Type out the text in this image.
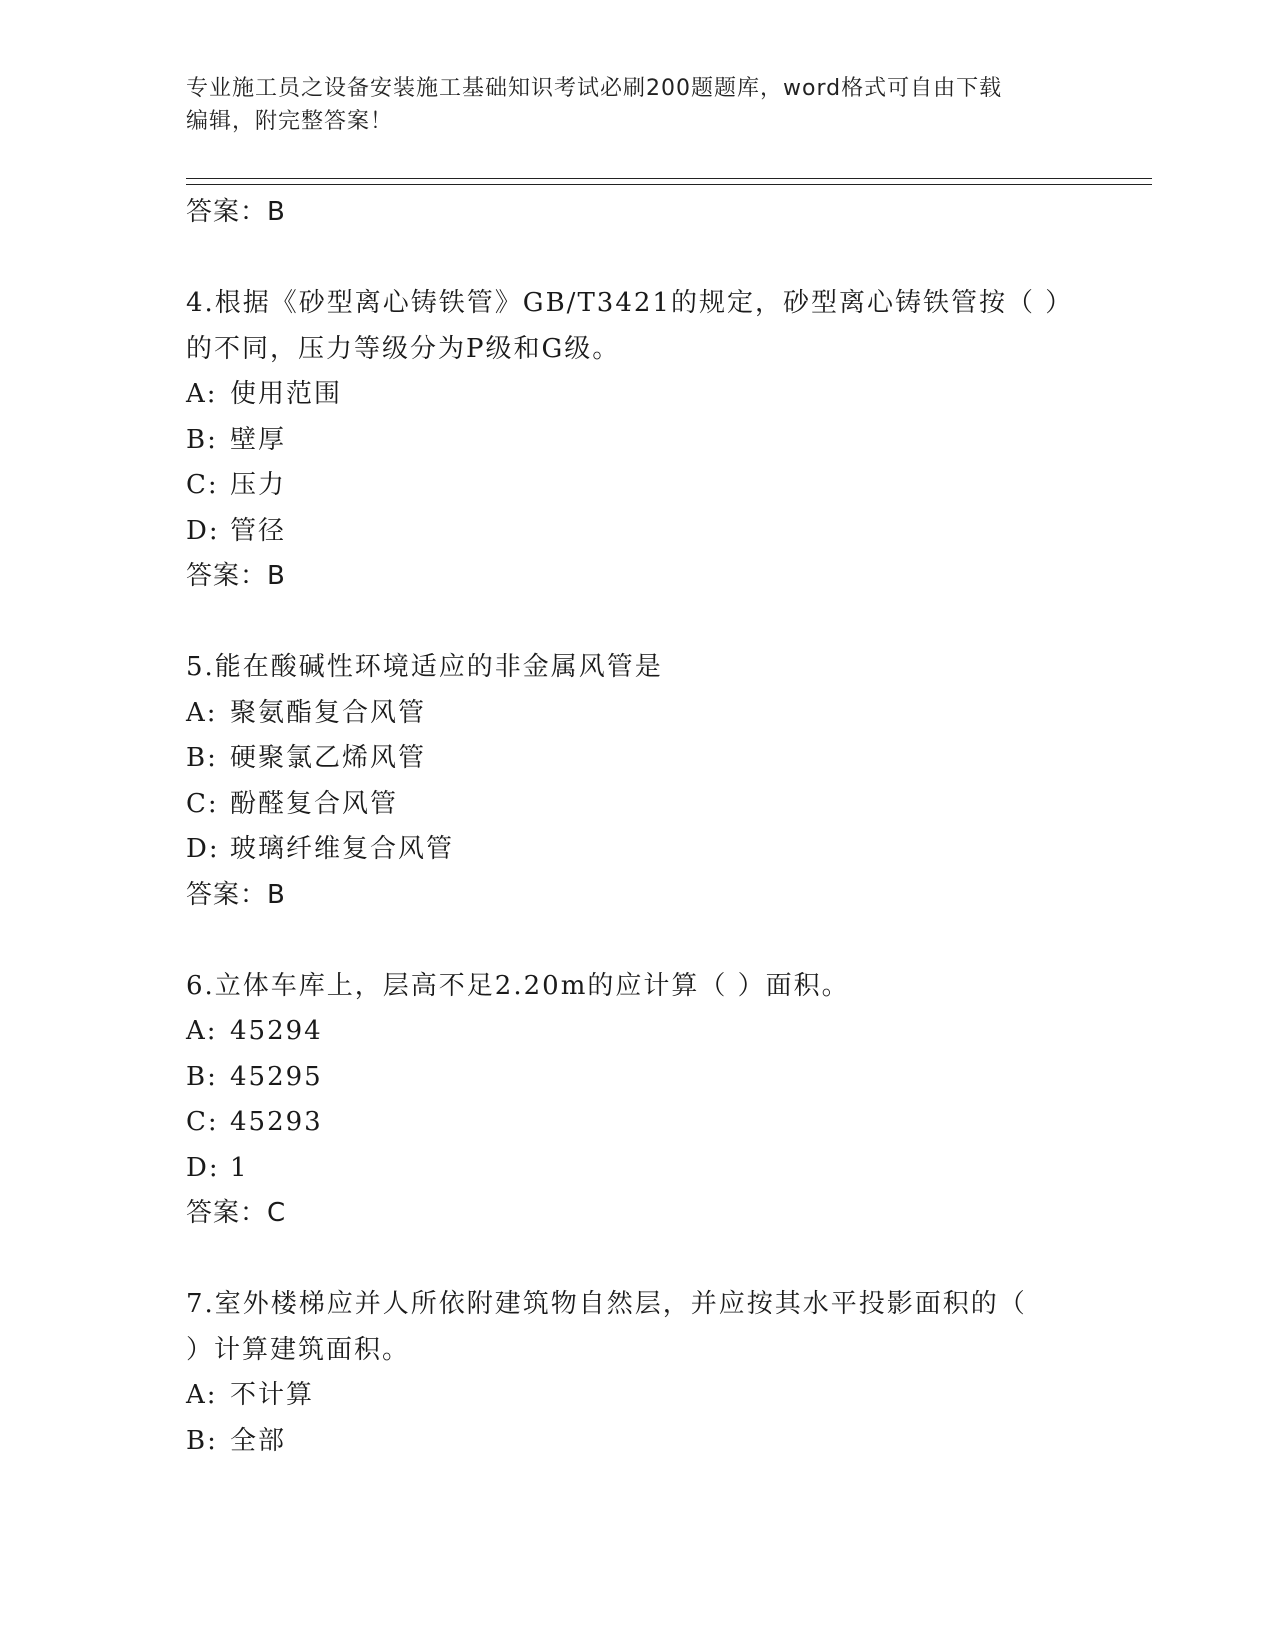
专业施工员之设备安装施工基础知识考试必刷200题题库，word格式可自由下载
编辑，附完整答案！
答案：B
4.根据《砂型离心铸铁管》GB/T3421的规定，砂型离心铸铁管按（ ）
的不同，压力等级分为P级和G级。
A: 使用范围
B: 壁厚
C: 压力
D: 管径
答案：B
5.能在酸碱性环境适应的非金属风管是
A: 聚氨酯复合风管
B: 硬聚氯乙烯风管
C: 酚醛复合风管
D: 玻璃纤维复合风管
答案：B
6.立体车库上，层高不足2.20m的应计算（ ）面积。
A: 45294
B: 45295
C: 45293
D: 1
答案：C
7.室外楼梯应并人所依附建筑物自然层，并应按其水平投影面积的（
）计算建筑面积。
A: 不计算
B: 全部
